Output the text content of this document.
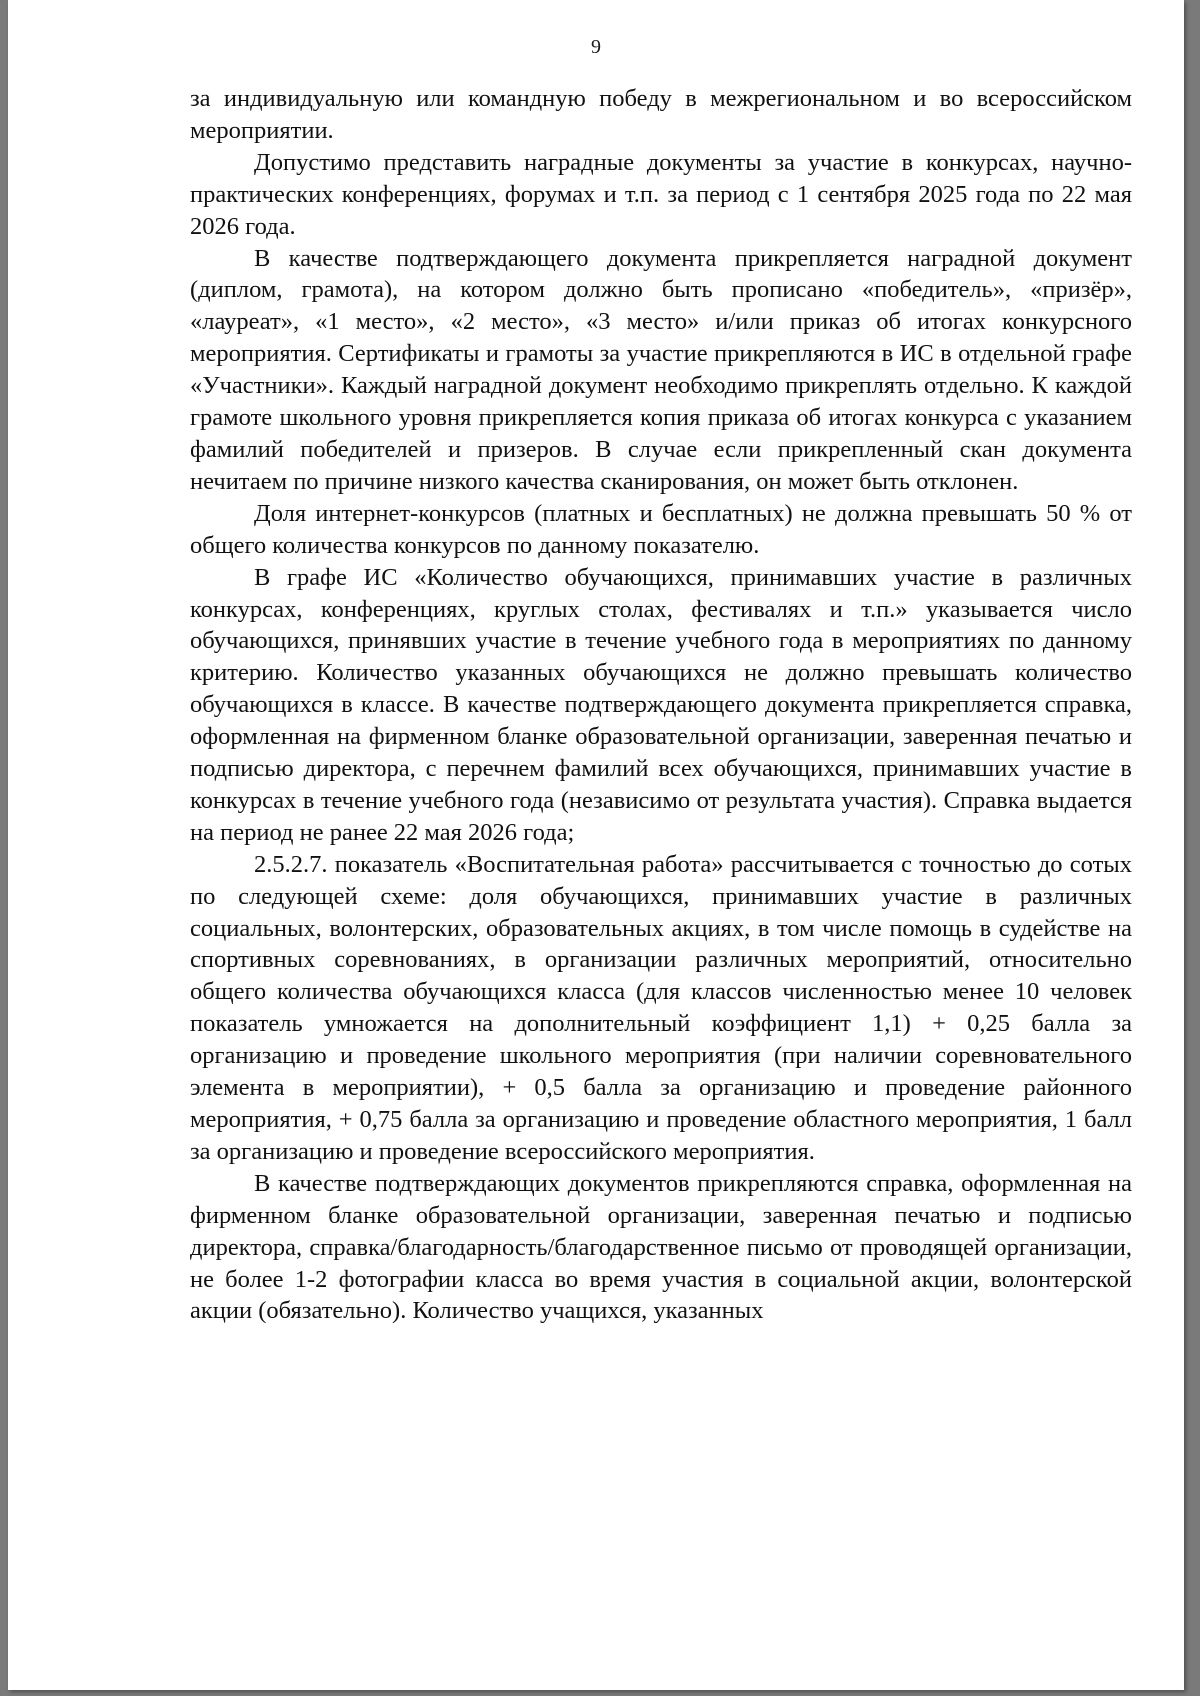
9

за индивидуальную или командную победу в межрегиональном и во всероссийском мероприятии.

Допустимо представить наградные документы за участие в конкурсах, научно-практических конференциях, форумах и т.п. за период с 1 сентября 2025 года по 22 мая 2026 года.

В качестве подтверждающего документа прикрепляется наградной документ (диплом, грамота), на котором должно быть прописано «победитель», «призёр», «лауреат», «1 место», «2 место», «3 место» и/или приказ об итогах конкурсного мероприятия. Сертификаты и грамоты за участие прикрепляются в ИС в отдельной графе «Участники». Каждый наградной документ необходимо прикреплять отдельно. К каждой грамоте школьного уровня прикрепляется копия приказа об итогах конкурса с указанием фамилий победителей и призеров. В случае если прикрепленный скан документа нечитаем по причине низкого качества сканирования, он может быть отклонен.

Доля интернет-конкурсов (платных и бесплатных) не должна превышать 50 % от общего количества конкурсов по данному показателю.

В графе ИС «Количество обучающихся, принимавших участие в различных конкурсах, конференциях, круглых столах, фестивалях и т.п.» указывается число обучающихся, принявших участие в течение учебного года в мероприятиях по данному критерию. Количество указанных обучающихся не должно превышать количество обучающихся в классе. В качестве подтверждающего документа прикрепляется справка, оформленная на фирменном бланке образовательной организации, заверенная печатью и подписью директора, с перечнем фамилий всех обучающихся, принимавших участие в конкурсах в течение учебного года (независимо от результата участия). Справка выдается на период не ранее 22 мая 2026 года;

2.5.2.7. показатель «Воспитательная работа» рассчитывается с точностью до сотых по следующей схеме: доля обучающихся, принимавших участие в различных социальных, волонтерских, образовательных акциях, в том числе помощь в судействе на спортивных соревнованиях, в организации различных мероприятий, относительно общего количества обучающихся класса (для классов численностью менее 10 человек показатель умножается на дополнительный коэффициент 1,1) + 0,25 балла за организацию и проведение школьного мероприятия (при наличии соревновательного элемента в мероприятии), + 0,5 балла за организацию и проведение районного мероприятия, + 0,75 балла за организацию и проведение областного мероприятия, 1 балл за организацию и проведение всероссийского мероприятия.

В качестве подтверждающих документов прикрепляются справка, оформленная на фирменном бланке образовательной организации, заверенная печатью и подписью директора, справка/благодарность/благодарственное письмо от проводящей организации, не более 1-2 фотографии класса во время участия в социальной акции, волонтерской акции (обязательно). Количество учащихся, указанных
